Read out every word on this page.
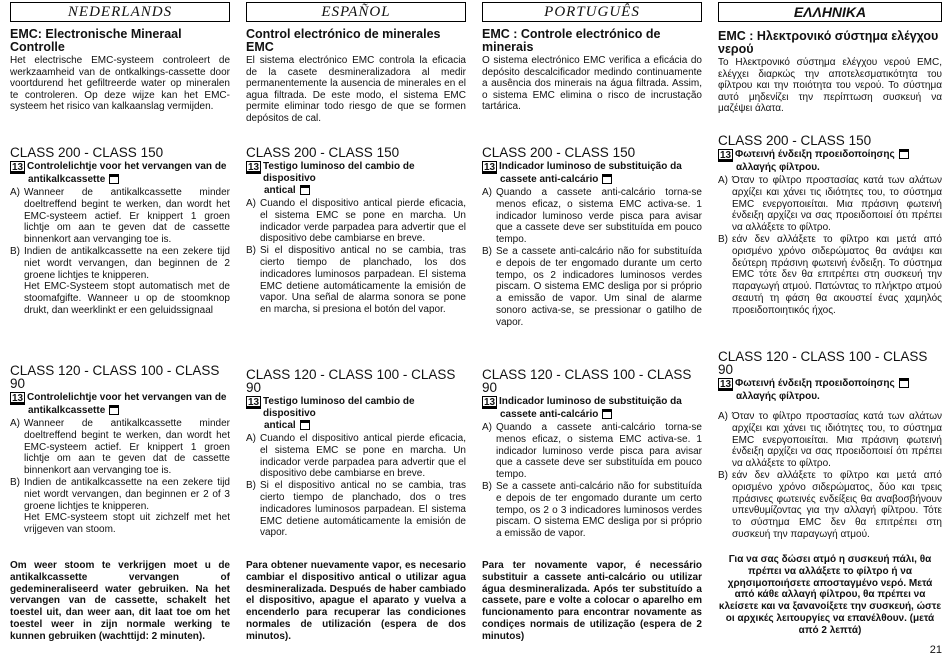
NEDERLANDS
EMC: Electronische Mineraal Controlle
Het electrische EMC-systeem controleert de werkzaamheid van de ontkalkings-cassette door voortdurend het gefiltreerde water op mineralen te controleren. Op deze wijze kan het EMC-systeem het risico van kalkaanslag vermijden.
CLASS 200 - CLASS 150
13 Controlelichtje voor het vervangen van de
antikalkcassette
A) Wanneer de antikalkcassette minder doeltreffend begint te werken, dan wordt het EMC-systeem actief. Er knippert 1 groen lichtje om aan te geven dat de cassette binnenkort aan vervanging toe is.
B) Indien de antikalkcassette na een zekere tijd niet wordt vervangen, dan beginnen de 2 groene lichtjes te knipperen.
Het EMC-Systeem stopt automatisch met de stoomafgifte. Wanneer u op de stoomknop drukt, dan weerklinkt er een geluidssignaal
CLASS 120 - CLASS 100 - CLASS 90
13 Controlelichtje voor het vervangen van de
antikalkcassette
A) Wanneer de antikalkcassette minder doeltreffend begint te werken, dan wordt het EMC-systeem actief. Er knippert 1 groen lichtje om aan te geven dat de cassette binnenkort aan vervanging toe is.
B) Indien de antikalkcassette na een zekere tijd niet wordt vervangen, dan beginnen er 2 of 3 groene lichtjes te knipperen.
Het EMC-systeem stopt uit zichzelf met het vrijgeven van stoom.
Om weer stoom te verkrijgen moet u de antikalkcassette vervangen of gedemineraliseerd water gebruiken. Na het vervangen van de cassette, schakelt het toestel uit, dan weer aan, dit laat toe om het toestel weer in zijn normale werking te kunnen gebruiken (wachttijd: 2 minuten).
ESPAÑOL
Control electrónico de minerales EMC
El sistema electrónico EMC controla la eficacia de la casete desmineralizadora al medir permanentemente la ausencia de minerales en el agua filtrada. De este modo, el sistema EMC permite eliminar todo riesgo de que se formen depósitos de cal.
CLASS 200 - CLASS 150
13 Testigo luminoso del cambio de dispositivo
antical
A) Cuando el dispositivo antical pierde eficacia, el sistema EMC se pone en marcha. Un indicador verde parpadea para advertir que el dispositivo debe cambiarse en breve.
B) Si el dispositivo antical no se cambia, tras cierto tiempo de planchado, los dos indicadores luminosos parpadean. El sistema EMC detiene automáticamente la emisión de vapor. Una señal de alarma sonora se pone en marcha, si presiona el botón del vapor.
CLASS 120 - CLASS 100 - CLASS 90
13 Testigo luminoso del cambio de dispositivo
antical
A) Cuando el dispositivo antical pierde eficacia, el sistema EMC se pone en marcha. Un indicador verde parpadea para advertir que el dispositivo debe cambiarse en breve.
B) Si el dispositivo antical no se cambia, tras cierto tiempo de planchado, dos o tres indicadores luminosos parpadean. El sistema EMC detiene automáticamente la emisión de vapor.
Para obtener nuevamente vapor, es necesario cambiar el dispositivo antical o utilizar agua desmineralizada. Después de haber cambiado el dispositivo, apague el aparato y vuelva a encenderlo para recuperar las condiciones normales de utilización (espera de dos minutos).
PORTUGUÊS
EMC : Controle electrónico de minerais
O sistema electrónico EMC verifica a eficácia do depósito descalcificador medindo continuamente a ausência dos minerais na água filtrada. Assim, o sistema EMC elimina o risco de incrustação tartárica.
CLASS 200 - CLASS 150
13 Indicador luminoso de substituição da
cassete anti-calcário
A) Quando a cassete anti-calcário torna-se menos eficaz, o sistema EMC activa-se. 1 indicador luminoso verde pisca para avisar que a cassete deve ser substituída em pouco tempo.
B) Se a cassete anti-calcário não for substituída e depois de ter engomado durante um certo tempo, os 2 indicadores luminosos verdes piscam. O sistema EMC desliga por si próprio a emissão de vapor. Um sinal de alarme sonoro activa-se, se pressionar o gatilho de vapor.
CLASS 120 - CLASS 100 - CLASS 90
13 Indicador luminoso de substituição da
cassete anti-calcário
A) Quando a cassete anti-calcário torna-se menos eficaz, o sistema EMC activa-se. 1 indicador luminoso verde pisca para avisar que a cassete deve ser substituída em pouco tempo.
B) Se a cassete anti-calcário não for substituída e depois de ter engomado durante um certo tempo, os 2 o 3 indicadores luminosos verdes piscam. O sistema EMC desliga por si próprio a emissão de vapor.
Para ter novamente vapor, é necessário substituir a cassete anti-calcário ou utilizar água desmineralizada. Após ter substituído a cassete, pare e volte a colocar o aparelho em funcionamento para encontrar novamente as condiçes normais de utilização (espera de 2 minutos)
ΕΛΛΗΝΙΚΑ
EMC : Ηλεκτρονικό σύστημα ελέγχου νερού
Το Ηλεκτρονικό σύστημα ελέγχου νερού EMC, ελέγχει διαρκώς την αποτελεσματικότητα του φίλτρου και την ποιότητα του νερού. Το σύστημα αυτό μηδενίζει την περίπτωση συσκευή να μαζέψει άλατα.
CLASS 200 - CLASS 150
13 Φωτεινή ένδειξη προειδοποίησης
αλλαγής φίλτρου.
A) Όταν το φίλτρο προστασίας κατά των αλάτων αρχίζει και χάνει τις ιδιότητες του, το σύστημα EMC ενεργοποιείται. Μια πράσινη φωτεινή ένδειξη αρχίζει να σας προειδοποιεί ότι πρέπει να αλλάξετε το φίλτρο.
B) εάν δεν αλλάξετε το φίλτρο και μετά από ορισμένο χρόνο σιδερώματος θα ανάψει και δεύτερη πράσινη φωτεινή ένδειξη. Το σύστημα EMC τότε δεν θα επιτρέπει στη συσκευή την παραγωγή ατμού. Πατώντας το πλήκτρο ατμού σεαυτή τη φάση θα ακουστεί ένας χαμηλός προειδοποιητικός ήχος.
CLASS 120 - CLASS 100 - CLASS 90
13 Φωτεινή ένδειξη προειδοποίησης
αλλαγής φίλτρου.
A) Όταν το φίλτρο προστασίας κατά των αλάτων αρχίζει και χάνει τις ιδιότητες του, το σύστημα EMC ενεργοποιείται. Μια πράσινη φωτεινή ένδειξη αρχίζει να σας προειδοποιεί ότι πρέπει να αλλάξετε το φίλτρο.
B) εάν δεν αλλάξετε το φίλτρο και μετά από ορισμένο χρόνο σιδερώματος, δύο και τρεις πράσινες φωτεινές ενδείξεις θα αναβοσβήνουν υπενθυμίζοντας για την αλλαγή φίλτρου. Τότε το σύστημα EMC δεν θα επιτρέπει στη συσκευή την παραγωγή ατμού.
Για να σας δώσει ατμό η συσκευή πάλι, θα πρέπει να αλλάξετε το φίλτρο ή να χρησιμοποιήσετε αποσταγμένο νερό. Μετά από κάθε αλλαγή φίλτρου, θα πρέπει να κλείσετε και να ξανανοίξετε την συσκευή, ώστε οι αρχικές λειτουργίες να επανέλθουν. (μετά από 2 λεπτά)
21
